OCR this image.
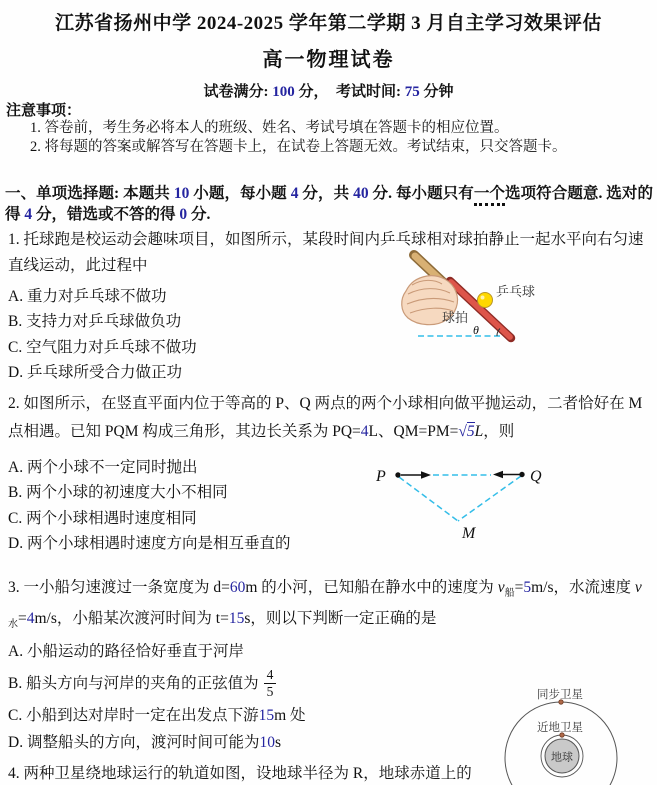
江苏省扬州中学 2024-2025 学年第二学期 3 月自主学习效果评估
高一物理试卷
试卷满分: 100 分，　考试时间: 75 分钟
注意事项：
1. 答卷前，考生务必将本人的班级、姓名、考试号填在答题卡的相应位置。
2. 将每题的答案或解答写在答题卡上，在试卷上答题无效。考试结束，只交答题卡。
一、单项选择题: 本题共 10 小题，每小题 4 分，共 40 分. 每小题只有一个选项符合题意. 选对的得 4 分，错选或不答的得 0 分.
1. 托球跑是校运动会趣味项目，如图所示，某段时间内乒乓球相对球拍静止一起水平向右匀速直线运动，此过程中
A. 重力对乒乓球不做功
B. 支持力对乒乓球做负功
C. 空气阻力对乒乓球不做功
D. 乒乓球所受合力做正功
乒乓球
球拍
θ
2. 如图所示，在竖直平面内位于等高的 P、Q 两点的两个小球相向做平抛运动，二者恰好在 M 点相遇。已知 PQM 构成三角形，其边长关系为 PQ=4L、QM=PM=√5L，则
A. 两个小球不一定同时抛出
B. 两个小球的初速度大小不相同
C. 两个小球相遇时速度相同
D. 两个小球相遇时速度方向是相互垂直的
P	Q
M
3. 一小船匀速渡过一条宽度为 d=60m 的小河，已知船在静水中的速度为 $v_船=5m/s$，水流速度 $v_水=4m/s$，小船某次渡河时间为 t=15s，则以下判断一定正确的是
A. 小船运动的路径恰好垂直于河岸
B. 船头方向与河岸的夹角的正弦值为 $\frac{4}{5}$
C. 小船到达对岸时一定在出发点下游 15 m 处
D. 调整船头的方向，渡河时间可能为 10 s
4. 两种卫星绕地球运行的轨道如图，设地球半径为 R，地球赤道上的
同步卫星
近地卫星
地球
